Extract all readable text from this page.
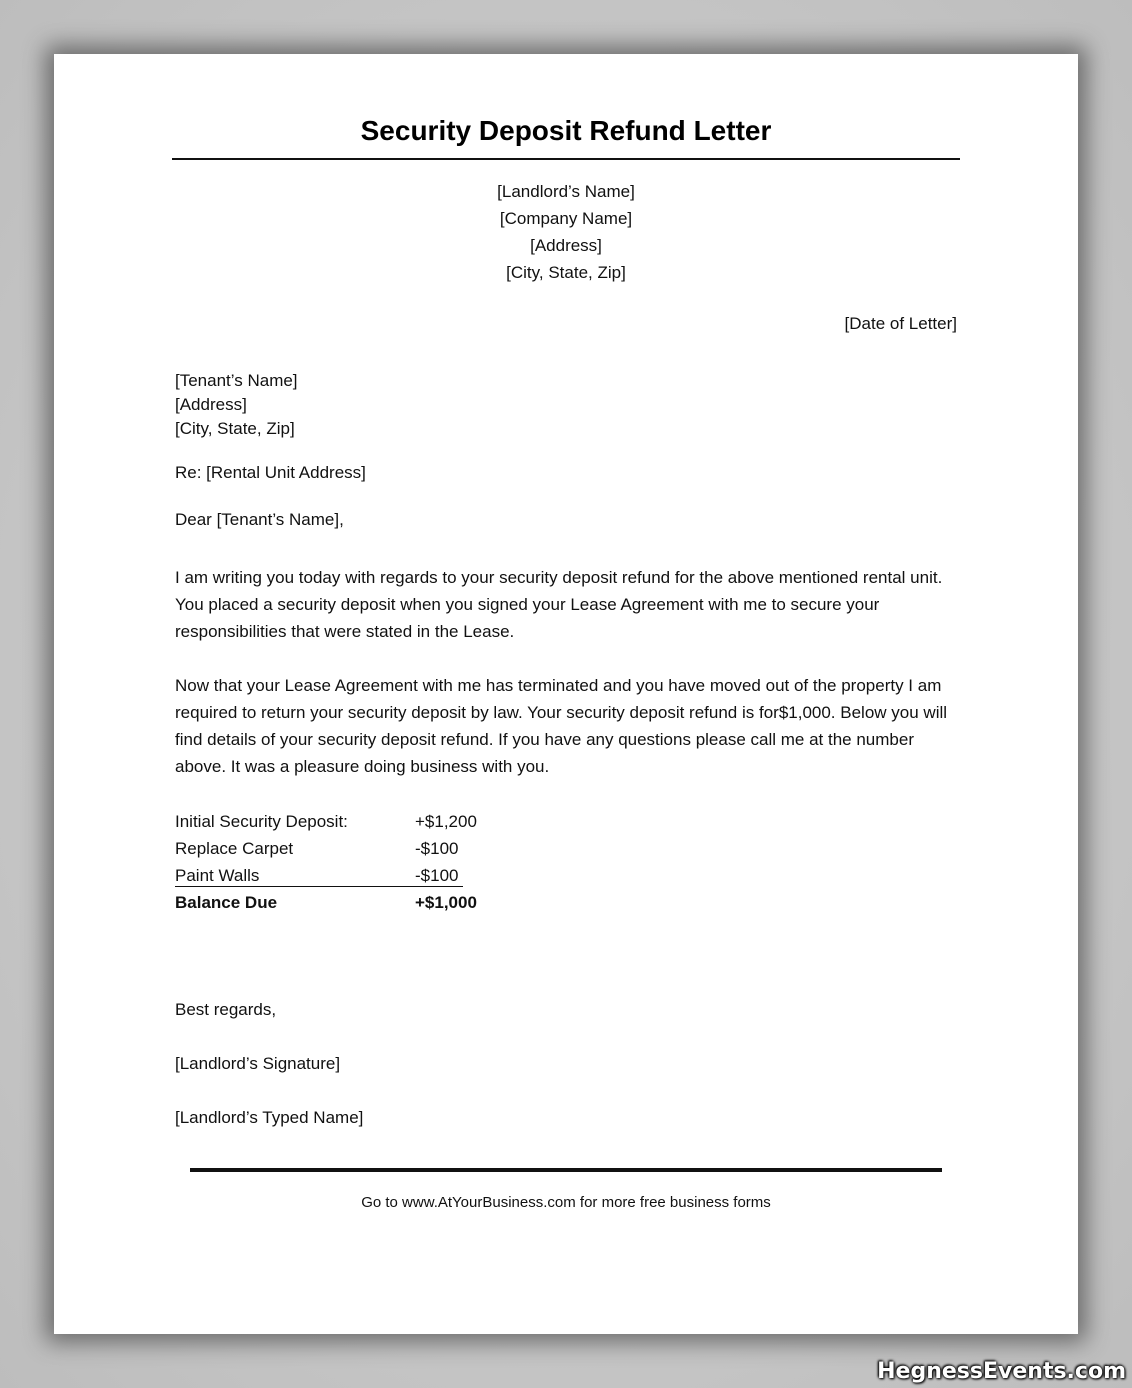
Security Deposit Refund Letter
[Landlord’s Name]
[Company Name]
[Address]
[City, State, Zip]
[Date of Letter]
[Tenant’s Name]
[Address]
[City, State, Zip]
Re: [Rental Unit Address]
Dear [Tenant’s Name],
I am writing you today with regards to your security deposit refund for the above mentioned rental unit. You placed a security deposit when you signed your Lease Agreement with me to secure your responsibilities that were stated in the Lease.
Now that your Lease Agreement with me has terminated and you have moved out of the property I am required to return your security deposit by law. Your security deposit refund is for$1,000. Below you will find details of your security deposit refund. If you have any questions please call me at the number above. It was a pleasure doing business with you.
Initial Security Deposit:	+$1,200
Replace Carpet	-$100
Paint Walls	-$100
Balance Due	+$1,000
Best regards,
[Landlord’s Signature]
[Landlord’s Typed Name]
Go to www.AtYourBusiness.com for more free business forms
HegnessEvents.com
